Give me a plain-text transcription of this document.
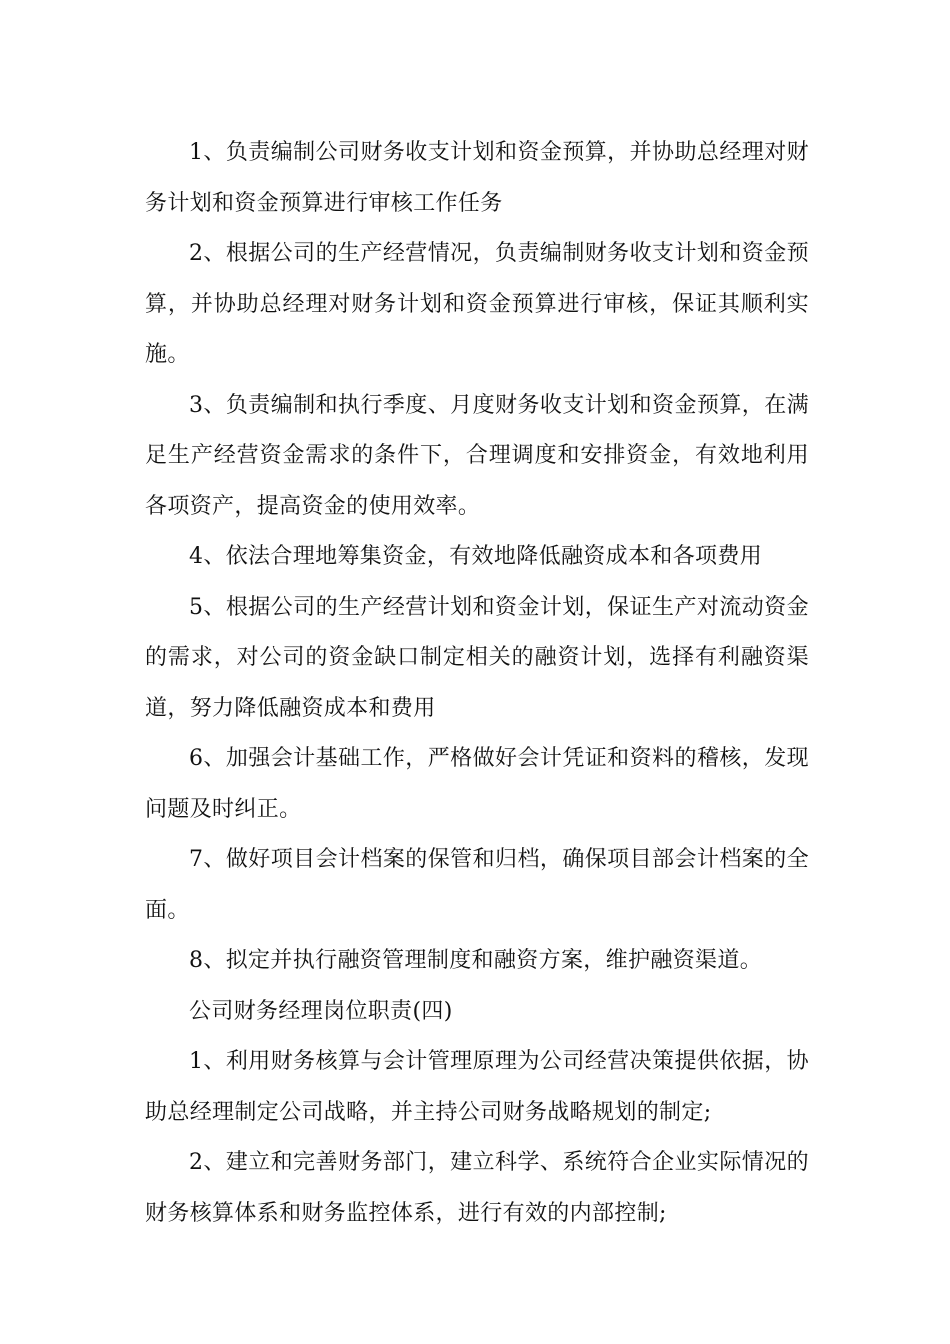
1、负责编制公司财务收支计划和资金预算，并协助总经理对财务计划和资金预算进行审核工作任务

2、根据公司的生产经营情况，负责编制财务收支计划和资金预算，并协助总经理对财务计划和资金预算进行审核，保证其顺利实施。

3、负责编制和执行季度、月度财务收支计划和资金预算，在满足生产经营资金需求的条件下，合理调度和安排资金，有效地利用各项资产，提高资金的使用效率。

4、依法合理地筹集资金，有效地降低融资成本和各项费用

5、根据公司的生产经营计划和资金计划，保证生产对流动资金的需求，对公司的资金缺口制定相关的融资计划，选择有利融资渠道，努力降低融资成本和费用

6、加强会计基础工作，严格做好会计凭证和资料的稽核，发现问题及时纠正。

7、做好项目会计档案的保管和归档，确保项目部会计档案的全面。

8、拟定并执行融资管理制度和融资方案，维护融资渠道。

公司财务经理岗位职责(四)

1、利用财务核算与会计管理原理为公司经营决策提供依据，协助总经理制定公司战略，并主持公司财务战略规划的制定;

2、建立和完善财务部门，建立科学、系统符合企业实际情况的财务核算体系和财务监控体系，进行有效的内部控制;
